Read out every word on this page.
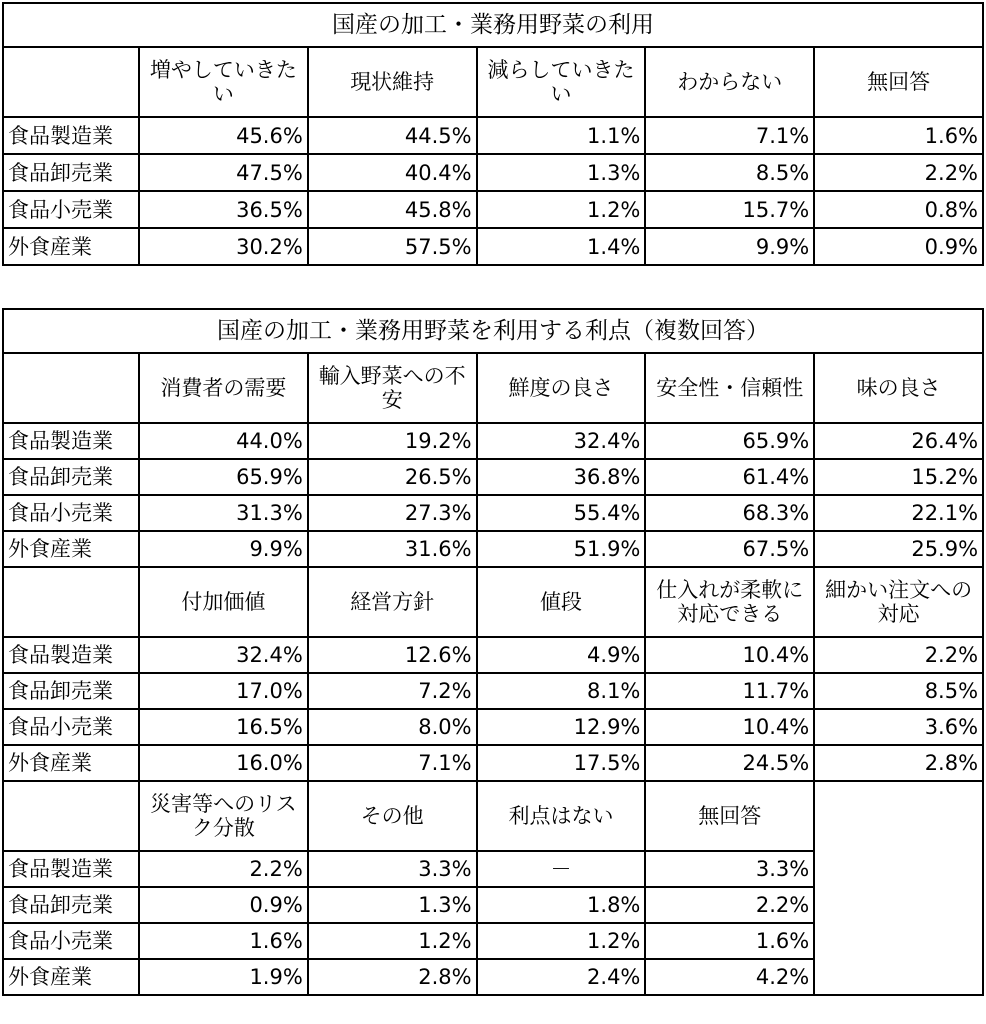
国産の加工・業務用野菜の利用					
	増やしていきたい	現状維持	減らしていきたい	わからない	無回答
食品製造業	45.6%	44.5%	1.1%	7.1%	1.6%
食品卸売業	47.5%	40.4%	1.3%	8.5%	2.2%
食品小売業	36.5%	45.8%	1.2%	15.7%	0.8%
外食産業	30.2%	57.5%	1.4%	9.9%	0.9%
国産の加工・業務用野菜を利用する利点（複数回答）					
	消費者の需要	輸入野菜への不安	鮮度の良さ	安全性・信頼性	味の良さ
食品製造業	44.0%	19.2%	32.4%	65.9%	26.4%
食品卸売業	65.9%	26.5%	36.8%	61.4%	15.2%
食品小売業	31.3%	27.3%	55.4%	68.3%	22.1%
外食産業	9.9%	31.6%	51.9%	67.5%	25.9%
	付加価値	経営方針	値段	仕入れが柔軟に対応できる	細かい注文への対応
食品製造業	32.4%	12.6%	4.9%	10.4%	2.2%
食品卸売業	17.0%	7.2%	8.1%	11.7%	8.5%
食品小売業	16.5%	8.0%	12.9%	10.4%	3.6%
外食産業	16.0%	7.1%	17.5%	24.5%	2.8%
	災害等へのリスク分散	その他	利点はない	無回答	
食品製造業	2.2%	3.3%	－	3.3%	
食品卸売業	0.9%	1.3%	1.8%	2.2%	
食品小売業	1.6%	1.2%	1.2%	1.6%	
外食産業	1.9%	2.8%	2.4%	4.2%	
